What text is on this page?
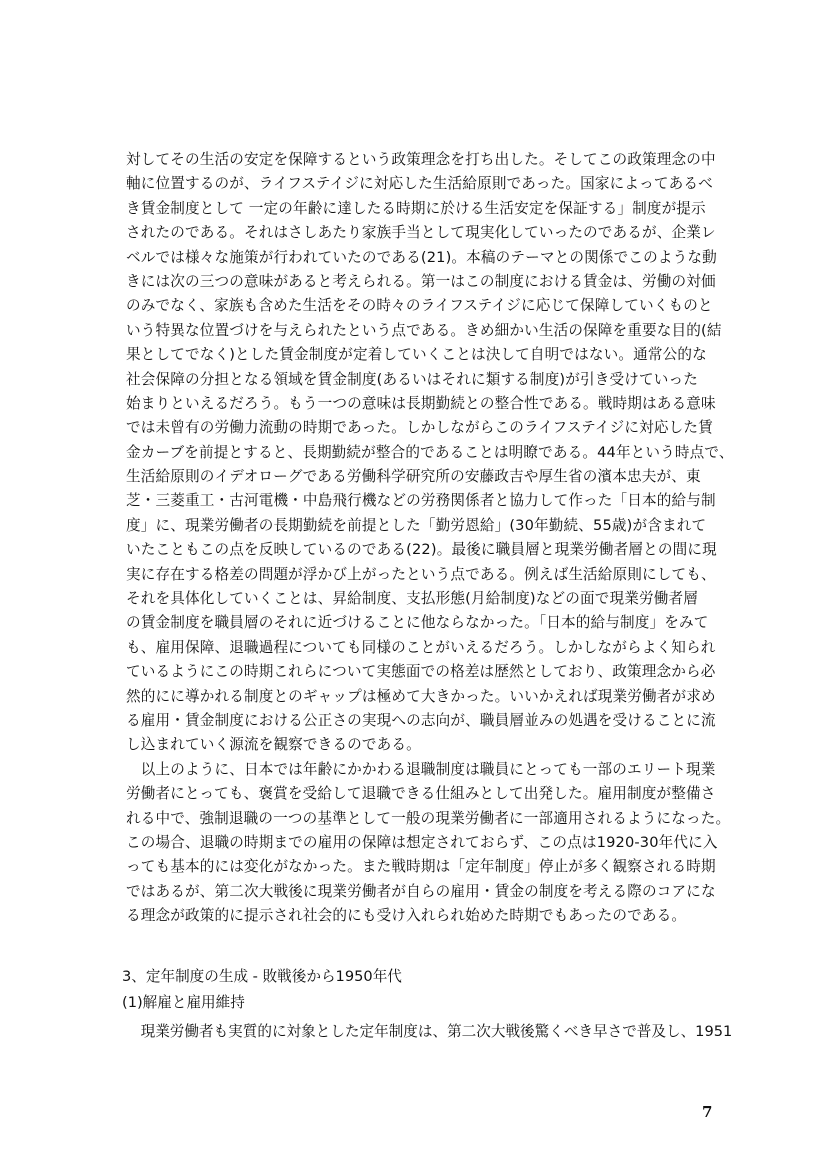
対してその生活の安定を保障するという政策理念を打ち出した。そしてこの政策理念の中
軸に位置するのが、ライフステイジに対応した生活給原則であった。国家によってあるべ
き賃金制度として 一定の年齢に達したる時期に於ける生活安定を保証する」制度が提示
されたのである。それはさしあたり家族手当として現実化していったのであるが、企業レ
ベルでは様々な施策が行われていたのである(21)。本稿のテーマとの関係でこのような動
きには次の三つの意味があると考えられる。第一はこの制度における賃金は、労働の対価
のみでなく、家族も含めた生活をその時々のライフステイジに応じて保障していくものと
いう特異な位置づけを与えられたという点である。きめ細かい生活の保障を重要な目的(結
果としてでなく)とした賃金制度が定着していくことは決して自明ではない。通常公的な
社会保障の分担となる領域を賃金制度(あるいはそれに類する制度)が引き受けていった
始まりといえるだろう。もう一つの意味は長期勤続との整合性である。戦時期はある意味
では未曾有の労働力流動の時期であった。しかしながらこのライフステイジに対応した賃
金カーブを前提とすると、長期勤続が整合的であることは明瞭である。44年という時点で、
生活給原則のイデオローグである労働科学研究所の安藤政吉や厚生省の濱本忠夫が、東
芝・三菱重工・古河電機・中島飛行機などの労務関係者と協力して作った「日本的給与制
度」に、現業労働者の長期勤続を前提とした「勤労恩給」(30年勤続、55歳)が含まれて
いたこともこの点を反映しているのである(22)。最後に職員層と現業労働者層との間に現
実に存在する格差の問題が浮かび上がったという点である。例えば生活給原則にしても、
それを具体化していくことは、昇給制度、支払形態(月給制度)などの面で現業労働者層
の賃金制度を職員層のそれに近づけることに他ならなかった。「日本的給与制度」をみて
も、雇用保障、退職過程についても同様のことがいえるだろう。しかしながらよく知られ
ているようにこの時期これらについて実態面での格差は歴然としており、政策理念から必
然的にに導かれる制度とのギャップは極めて大きかった。いいかえれば現業労働者が求め
る雇用・賃金制度における公正さの実現への志向が、職員層並みの処遇を受けることに流
し込まれていく源流を観察できるのである。
　以上のように、日本では年齢にかかわる退職制度は職員にとっても一部のエリート現業
労働者にとっても、褒賞を受給して退職できる仕組みとして出発した。雇用制度が整備さ
れる中で、強制退職の一つの基準として一般の現業労働者に一部適用されるようになった。
この場合、退職の時期までの雇用の保障は想定されておらず、この点は1920-30年代に入
っても基本的には変化がなかった。また戦時期は「定年制度」停止が多く観察される時期
ではあるが、第二次大戦後に現業労働者が自らの雇用・賃金の制度を考える際のコアにな
る理念が政策的に提示され社会的にも受け入れられ始めた時期でもあったのである。
3、定年制度の生成 - 敗戦後から1950年代
(1)解雇と雇用維持
　現業労働者も実質的に対象とした定年制度は、第二次大戦後驚くべき早さで普及し、1951
7
